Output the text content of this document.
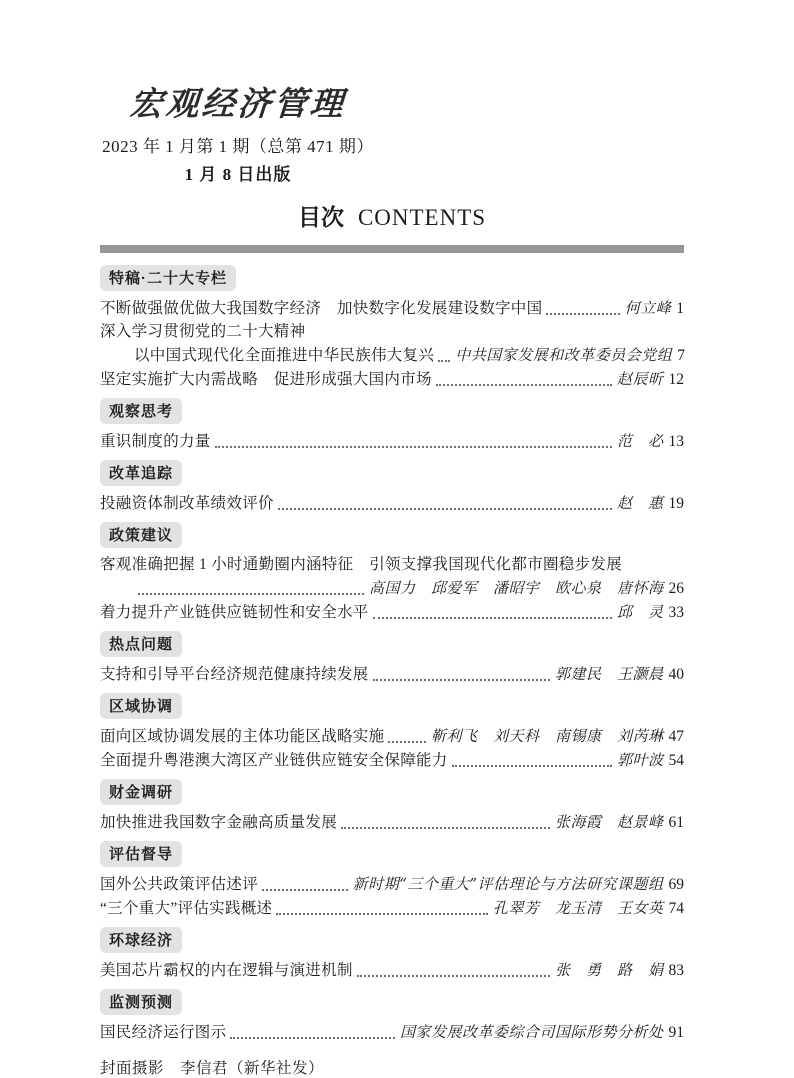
宏观经济管理
2023 年 1 月第 1 期（总第 471 期）
1 月 8 日出版
目次 CONTENTS
特稿·二十大专栏
不断做强做优做大我国数字经济　加快数字化发展建设数字中国	何立峰 1
深入学习贯彻党的二十大精神
以中国式现代化全面推进中华民族伟大复兴 中共国家发展和改革委员会党组 7
坚定实施扩大内需战略　促进形成强大国内市场	赵辰昕 12
观察思考
重识制度的力量	范　必 13
改革追踪
投融资体制改革绩效评价	赵　惠 19
政策建议
客观准确把握 1 小时通勤圈内涵特征　引领支撑我国现代化都市圈稳步发展
高国力　邱爱军　潘昭宇　欧心泉　唐怀海 26
着力提升产业链供应链韧性和安全水平	邱　灵 33
热点问题
支持和引导平台经济规范健康持续发展	郭建民　王灏晨 40
区域协调
面向区域协调发展的主体功能区战略实施	靳利飞　刘天科　南锡康　刘芮琳 47
全面提升粤港澳大湾区产业链供应链安全保障能力	郭叶波 54
财金调研
加快推进我国数字金融高质量发展	张海霞　赵景峰 61
评估督导
国外公共政策评估述评	新时期“三个重大”评估理论与方法研究课题组 69
“三个重大”评估实践概述	孔翠芳　龙玉清　王女英 74
环球经济
美国芯片霸权的内在逻辑与演进机制	张　勇　路　娟 83
监测预测
国民经济运行图示	国家发展改革委综合司国际形势分析处 91
封面摄影　李信君（新华社发）
